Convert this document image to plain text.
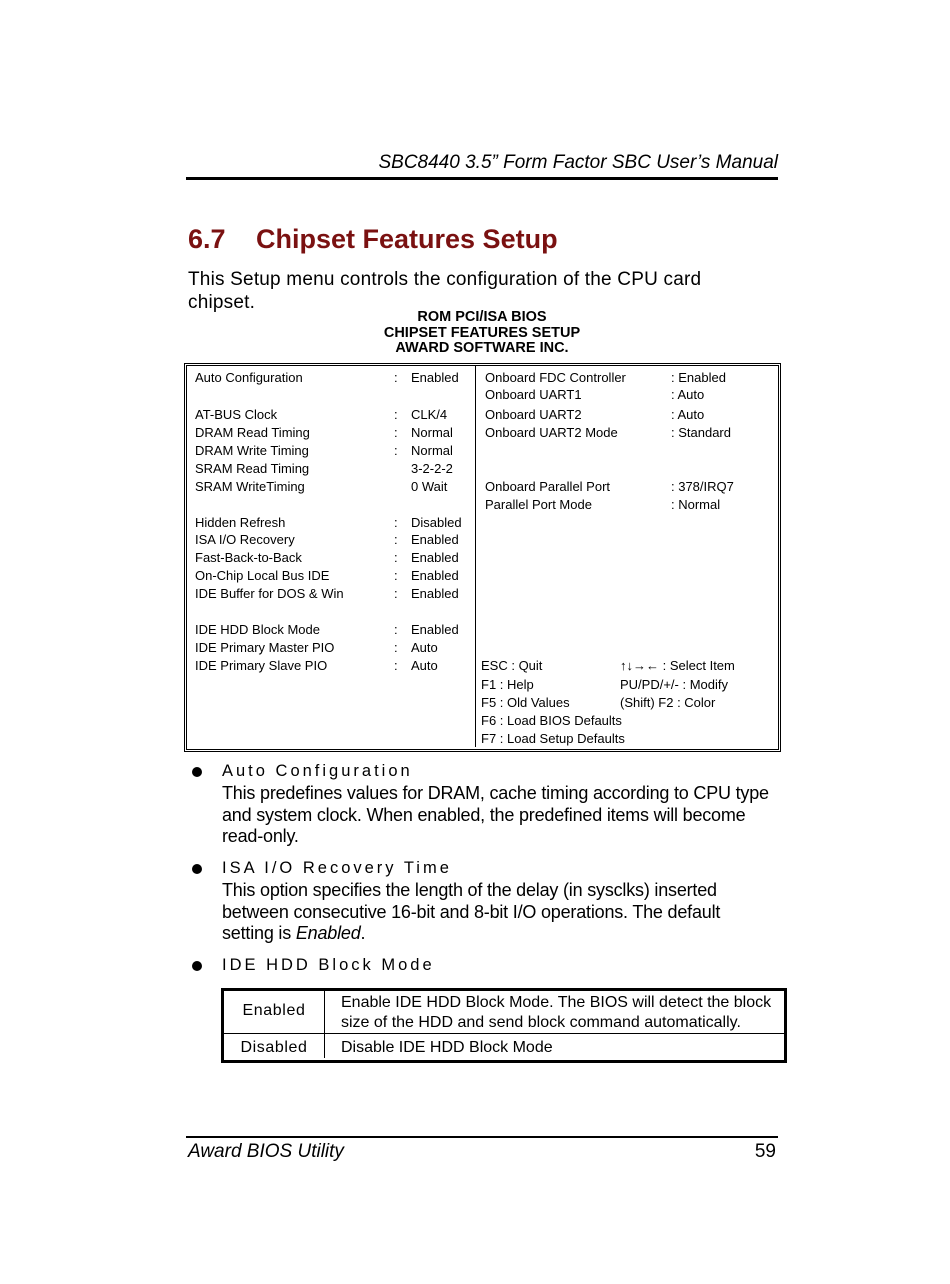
SBC8440 3.5” Form Factor SBC User’s Manual
6.7 Chipset Features Setup
This Setup menu controls the configuration of the CPU card chipset.
ROM PCI/ISA BIOS
CHIPSET FEATURES SETUP
AWARD SOFTWARE INC.
Auto Configuration	: Enabled
AT-BUS Clock	: CLK/4
DRAM Read Timing	: Normal
DRAM Write Timing	: Normal
SRAM Read Timing	3-2-2-2
SRAM WriteTiming	0 Wait
Hidden Refresh	: Disabled
ISA I/O Recovery	: Enabled
Fast-Back-to-Back	: Enabled
On-Chip Local Bus IDE	: Enabled
IDE Buffer for DOS & Win	: Enabled
IDE HDD Block Mode	: Enabled
IDE Primary Master PIO	: Auto
IDE Primary Slave PIO	: Auto
Onboard FDC Controller	: Enabled
Onboard UART1	: Auto
Onboard UART2	: Auto
Onboard UART2 Mode	: Standard
Onboard Parallel Port	: 378/IRQ7
Parallel Port Mode	: Normal
ESC : Quit	↑↓→← : Select Item
F1 : Help	PU/PD/+/- : Modify
F5 : Old Values	(Shift) F2 : Color
F6 : Load BIOS Defaults
F7 : Load Setup Defaults
Auto Configuration
This predefines values for DRAM, cache timing according to CPU type
and system clock. When enabled, the predefined items will become
read-only.
ISA I/O Recovery Time
This option specifies the length of the delay (in sysclks) inserted
between consecutive 16-bit and 8-bit I/O operations. The default
setting is Enabled.
IDE HDD Block Mode
Enabled	Enable IDE HDD Block Mode. The BIOS will detect the block
size of the HDD and send block command automatically.
Disabled	Disable IDE HDD Block Mode
Award BIOS Utility	59
